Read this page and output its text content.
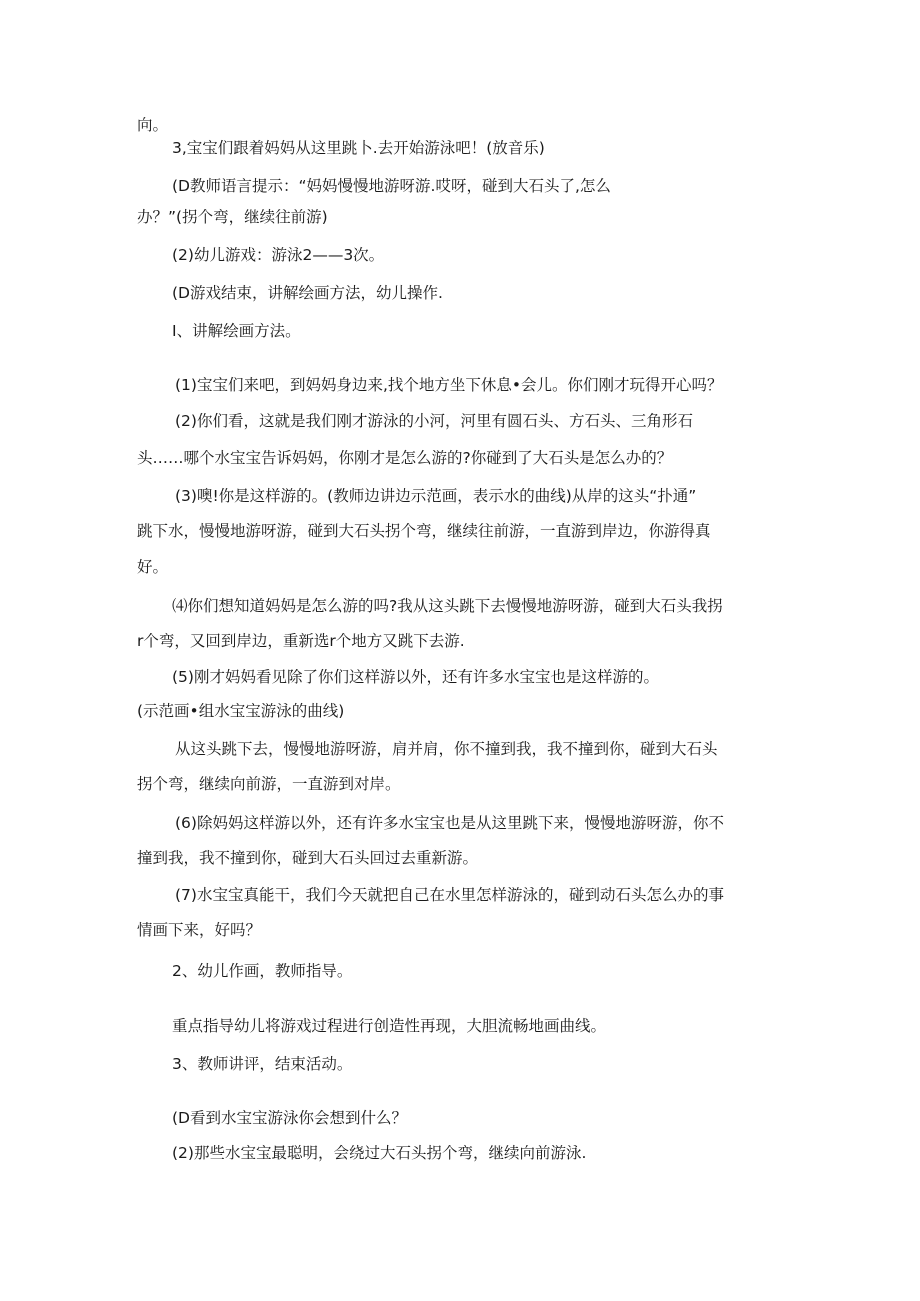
向。
3,宝宝们跟着妈妈从这里跳卜.去开始游泳吧！(放音乐)
(D教师语言提示：“妈妈慢慢地游呀游.哎呀，碰到大石头了,怎么
办？”(拐个弯，继续往前游)
(2)幼儿游戏：游泳2——3次。
(D游戏结束，讲解绘画方法，幼儿操作.
I、讲解绘画方法。
(1)宝宝们来吧，到妈妈身边来,找个地方坐下休息•会儿。你们刚才玩得开心吗？
(2)你们看，这就是我们刚才游泳的小河，河里有圆石头、方石头、三角形石
头……哪个水宝宝告诉妈妈，你刚才是怎么游的?你碰到了大石头是怎么办的？
(3)噢!你是这样游的。(教师边讲边示范画，表示水的曲线)从岸的这头“扑通”
跳下水，慢慢地游呀游，碰到大石头拐个弯，继续往前游，一直游到岸边，你游得真
好。
⑷你们想知道妈妈是怎么游的吗?我从这头跳下去慢慢地游呀游，碰到大石头我拐
r个弯，又回到岸边，重新选r个地方又跳下去游.
(5)刚才妈妈看见除了你们这样游以外，还有许多水宝宝也是这样游的。
(示范画•组水宝宝游泳的曲线)
从这头跳下去，慢慢地游呀游，肩并肩，你不撞到我，我不撞到你，碰到大石头
拐个弯，继续向前游，一直游到对岸。
(6)除妈妈这样游以外，还有许多水宝宝也是从这里跳下来，慢慢地游呀游，你不
撞到我，我不撞到你，碰到大石头回过去重新游。
(7)水宝宝真能干，我们今天就把自己在水里怎样游泳的，碰到动石头怎么办的事
情画下来，好吗？
2、幼儿作画，教师指导。
重点指导幼儿将游戏过程进行创造性再现，大胆流畅地画曲线。
3、教师讲评，结束活动。
(D看到水宝宝游泳你会想到什么？
(2)那些水宝宝最聪明，会绕过大石头拐个弯，继续向前游泳.
